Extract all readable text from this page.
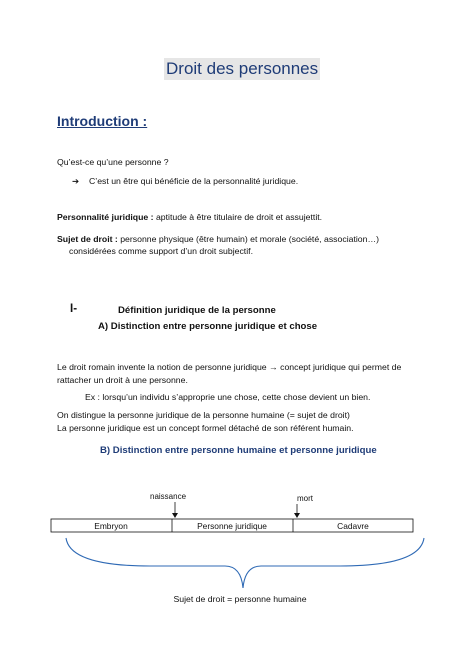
Droit des personnes
Introduction :
Qu’est-ce qu’une personne ?
➔ C’est un être qui bénéficie de la personnalité juridique.
Personnalité juridique : aptitude à être titulaire de droit et assujettit.
Sujet de droit : personne physique (être humain) et morale (société, association…)
considérées comme support d’un droit subjectif.
I-	Définition juridique de la personne
A) Distinction entre personne juridique et chose
Le droit romain invente la notion de personne juridique → concept juridique qui permet de
rattacher un droit à une personne.
Ex : lorsqu’un individu s’approprie une chose, cette chose devient un bien.
On distingue la personne juridique de la personne humaine (= sujet de droit)
La personne juridique est un concept formel détaché de son référent humain.
B) Distinction entre personne humaine et personne juridique
naissance	mort
Embryon	Personne juridique	Cadavre
Sujet de droit = personne humaine
